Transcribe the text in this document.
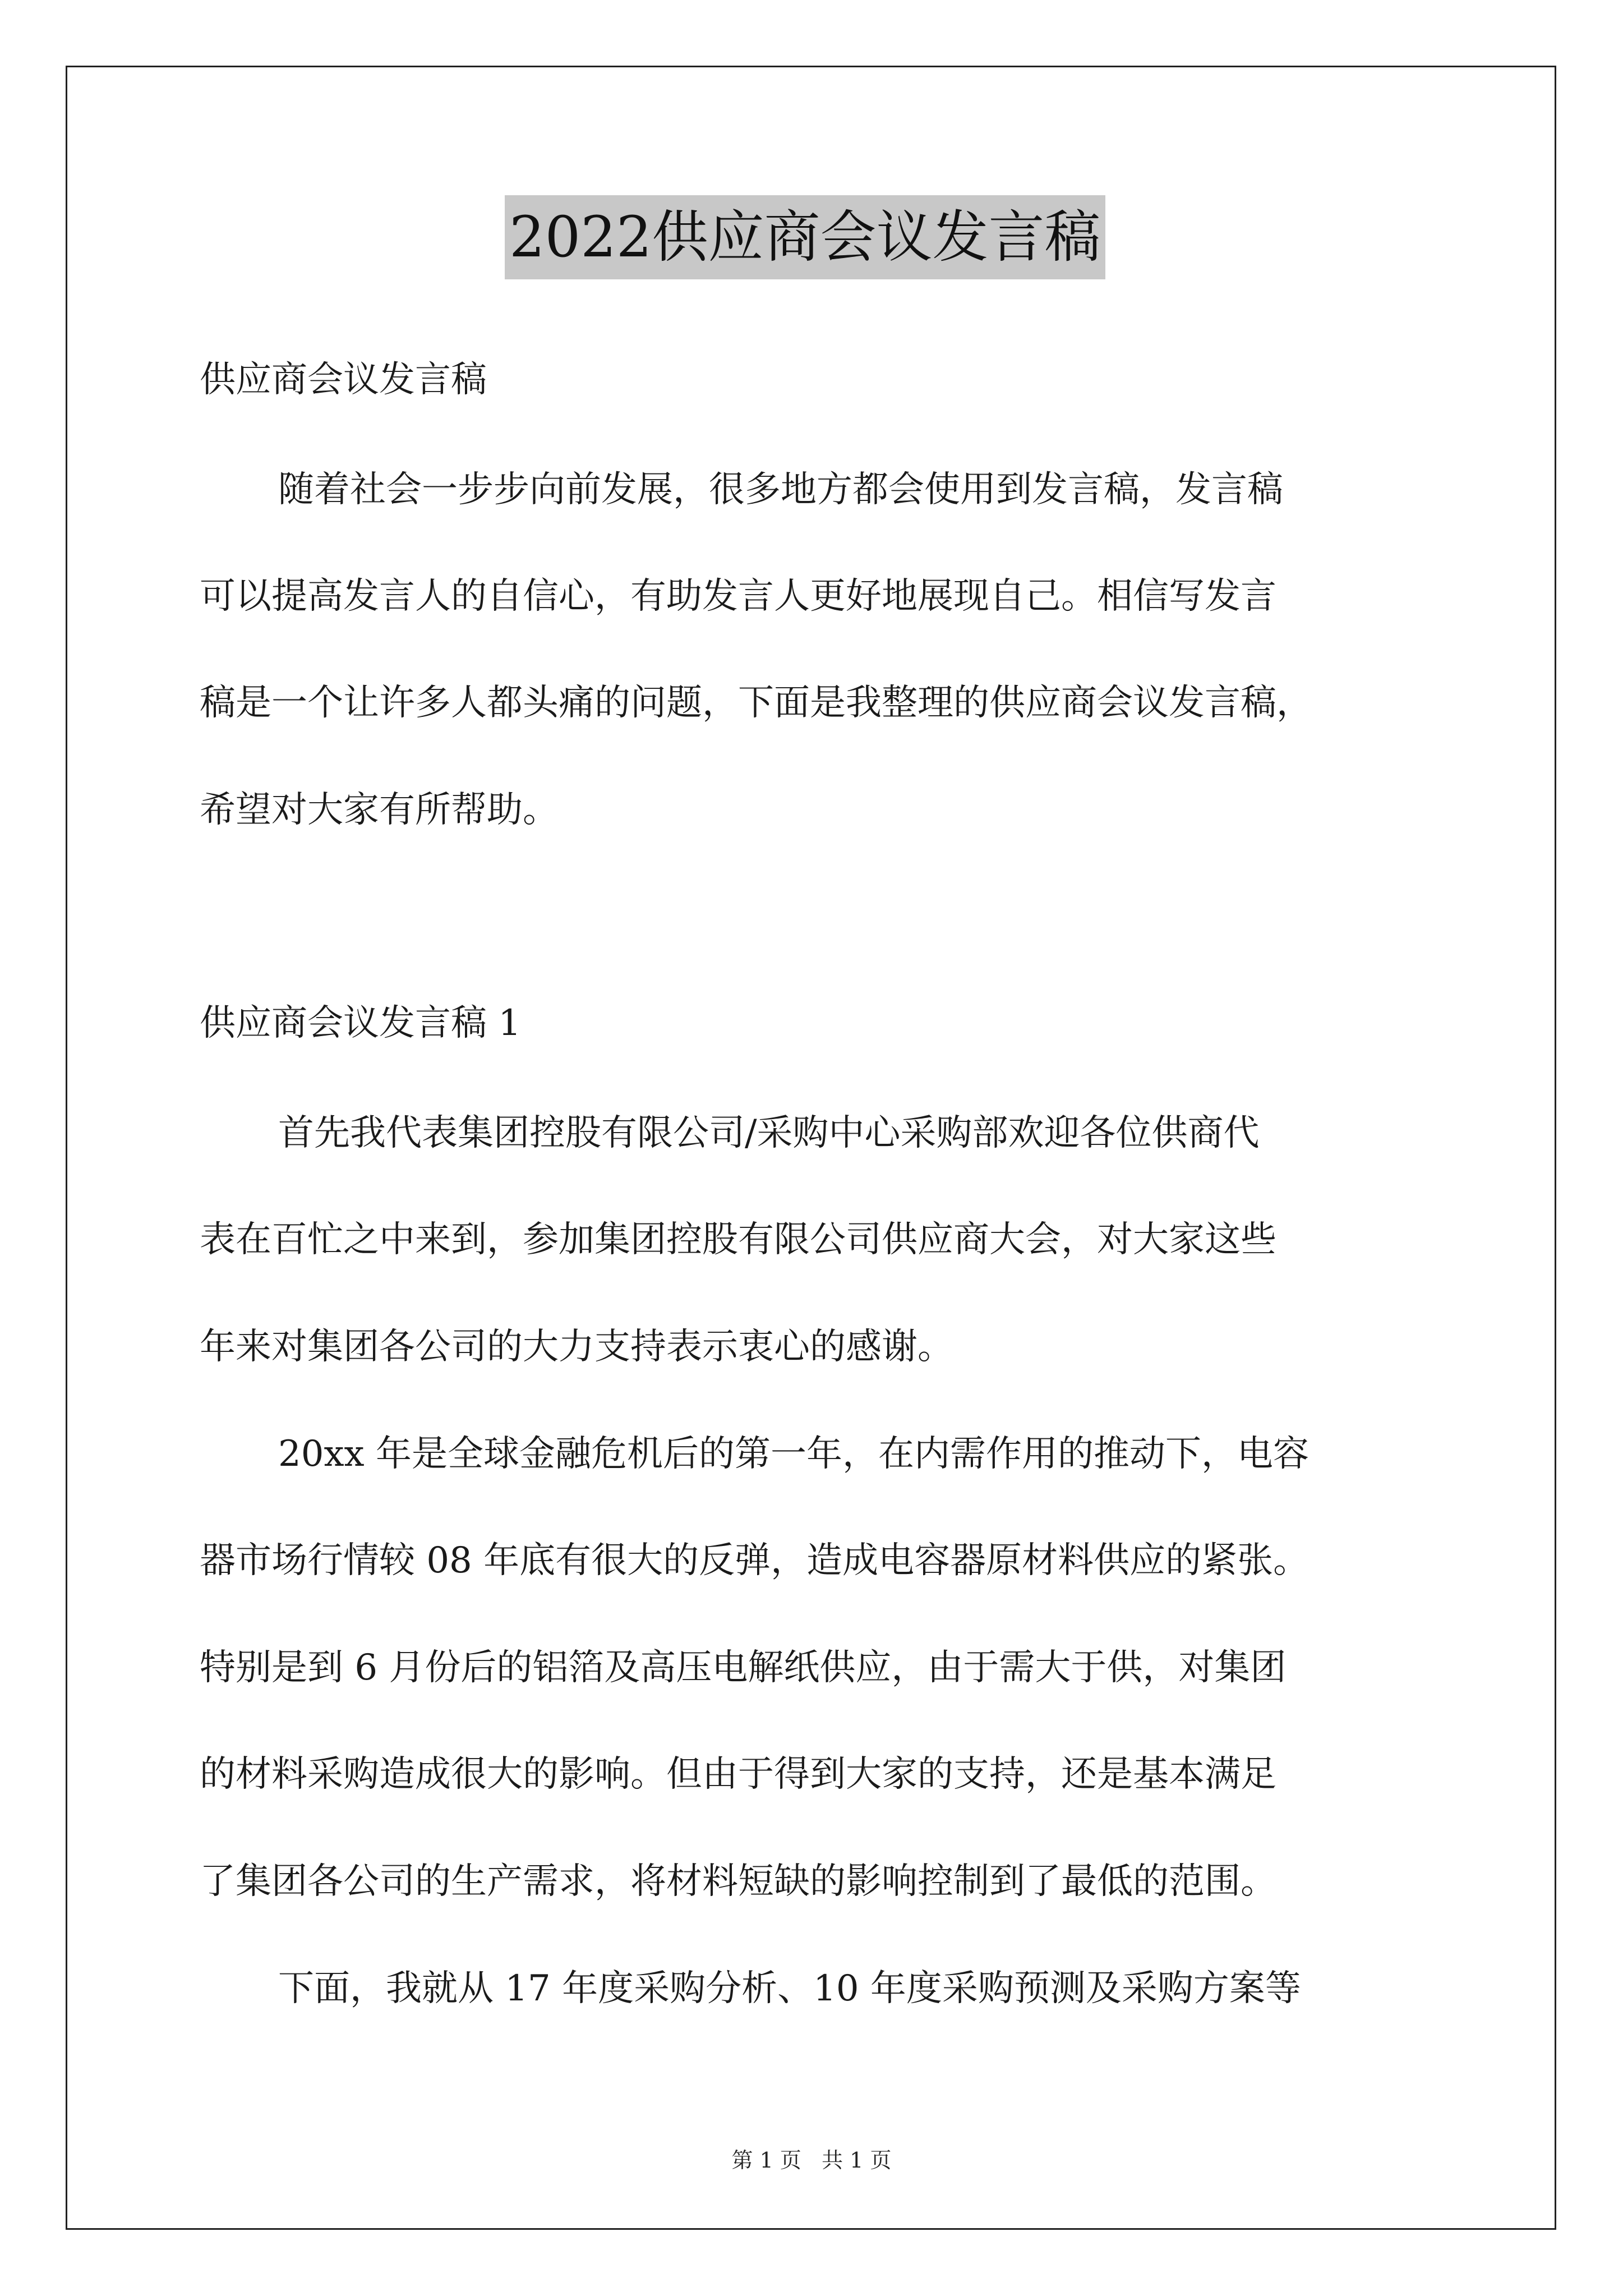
2022供应商会议发言稿
供应商会议发言稿
随着社会一步步向前发展，很多地方都会使用到发言稿，发言稿
可以提高发言人的自信心，有助发言人更好地展现自己。相信写发言
稿是一个让许多人都头痛的问题，下面是我整理的供应商会议发言稿，
希望对大家有所帮助。
供应商会议发言稿 1
首先我代表集团控股有限公司/采购中心采购部欢迎各位供商代
表在百忙之中来到，参加集团控股有限公司供应商大会，对大家这些
年来对集团各公司的大力支持表示衷心的感谢。
20xx 年是全球金融危机后的第一年，在内需作用的推动下，电容
器市场行情较 08 年底有很大的反弹，造成电容器原材料供应的紧张。
特别是到 6 月份后的铝箔及高压电解纸供应，由于需大于供，对集团
的材料采购造成很大的影响。但由于得到大家的支持，还是基本满足
了集团各公司的生产需求，将材料短缺的影响控制到了最低的范围。
下面，我就从 17 年度采购分析、10 年度采购预测及采购方案等
第 1 页   共 1 页
